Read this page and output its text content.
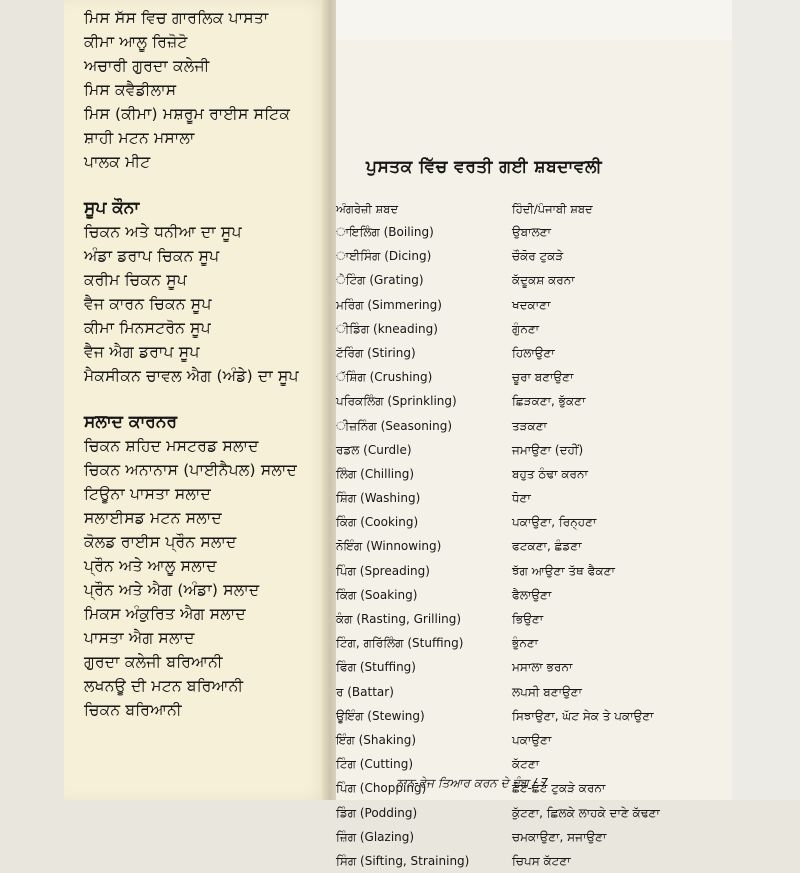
ਮਿਸ ਸੱਸ ਵਿਚ ਗਾਰਲਿਕ ਪਾਸਤਾ
ਕੀਮਾ ਆਲੂ ਰਿਜ਼ੋਟੋ
ਅਚਾਰੀ ਗੁਰਦਾ ਕਲੇਜੀ
ਮਿਸ ਕਵੈਡੀਲਾਸ
ਮਿਸ (ਕੀਮਾ) ਮਸ਼ਰੂਮ ਰਾਈਸ ਸਟਿਕ
ਸ਼ਾਹੀ ਮਟਨ ਮਸਾਲਾ
ਪਾਲਕ ਮੀਟ
ਸੂਪ ਕੌਨਾ
ਚਿਕਨ ਅਤੇ ਧਨੀਆ ਦਾ ਸੂਪ
ਅੰਡਾ ਡਰਾਪ ਚਿਕਨ ਸੂਪ
ਕਰੀਮ ਚਿਕਨ ਸੂਪ
ਵੈਜ ਕਾਰਨ ਚਿਕਨ ਸੂਪ
ਕੀਮਾ ਮਿਨਸਟਰੋਨ ਸੂਪ
ਵੈਜ ਐਗ ਡਰਾਪ ਸੂਪ
ਮੈਕਸੀਕਨ ਚਾਵਲ ਐਗ (ਅੰਡੇ) ਦਾ ਸੂਪ
ਸਲਾਦ ਕਾਰਨਰ
ਚਿਕਨ ਸ਼ਹਿਦ ਮਸਟਰਡ ਸਲਾਦ
ਚਿਕਨ ਅਨਾਨਾਸ (ਪਾਈਨੈਪਲ) ਸਲਾਦ
ਟਿਊਨਾ ਪਾਸਤਾ ਸਲਾਦ
ਸਲਾਈਸਡ ਮਟਨ ਸਲਾਦ
ਕੋਲਡ ਰਾਈਸ ਪ੍ਰੌਨ ਸਲਾਦ
ਪ੍ਰੌਨ ਅਤੇ ਆਲੂ ਸਲਾਦ
ਪ੍ਰੌਨ ਅਤੇ ਐਗ (ਅੰਡਾ) ਸਲਾਦ
ਮਿਕਸ ਅੰਕੁਰਿਤ ਐਗ ਸਲਾਦ
ਪਾਸਤਾ ਐਗ ਸਲਾਦ
ਗੁਰਦਾ ਕਲੇਜੀ ਬਰਿਆਨੀ
ਲਖਨਊ ਦੀ ਮਟਨ ਬਰਿਆਨੀ
ਚਿਕਨ ਬਰਿਆਨੀ
ਪੁਸਤਕ ਵਿੱਚ ਵਰਤੀ ਗਈ ਸ਼ਬਦਾਵਲੀ
ਅੰਗਰੇਜ਼ੀ ਸ਼ਬਦ	ਹਿੰਦੀ/ਪੰਜਾਬੀ ਸ਼ਬਦ
ਾਇਲਿੰਗ (Boiling)	ਉਬਾਲਣਾ
ਾਈਸਿੰਗ (Dicing)	ਚੌਕੋਰ ਟੁਕੜੇ
ੇਟਿੰਗ (Grating)	ਕੱਦੂਕਸ਼ ਕਰਨਾ
ਮਰਿੰਗ (Simmering)	ਖਦਕਾਣਾ
ੀਡਿੰਗ (kneading)	ਗੁੰਨਣਾ
ਟੱਰਿੰਗ (Stiring)	ਹਿਲਾਉਣਾ
ੱਸ਼ਿੰਗ (Crushing)	ਚੂਰਾ ਬਣਾਉਣਾ
ਪਰਿਕਲਿੰਗ (Sprinkling)	ਛਿੜਕਣਾ, ਭੁੱਕਣਾ
ੀਜ਼ਨਿੰਗ (Seasoning)	ਤੜਕਣਾ
ਰਡਲ (Curdle)	ਜਮਾਉਣਾ (ਦਹੀਂ)
ਲਿੰਗ (Chilling)	ਬਹੁਤ ਠੰਢਾ ਕਰਨਾ
ਸ਼ਿੰਗ (Washing)	ਧੋਣਾ
ਕਿੰਗ (Cooking)	ਪਕਾਉਣਾ, ਰਿਨ੍ਹਣਾ
ਨੋਇੰਗ (Winnowing)	ਫਟਕਣਾ, ਛੰਡਣਾ
ਪਿੰਗ (Spreading)	ਝੱਗ ਆਉਣਾ ਤੱਥ ਫੈਕਣਾ
ਕਿੰਗ (Soaking)	ਫੈਲਾਉਣਾ
ਕੰਗ (Rasting, Grilling)	ਭਿਉਣਾ
ਟਿੰਗ, ਗਰਿੱਲਿੰਗ (Stuffing)	ਭੁੰਨਣਾ
ਫਿੰਗ (Stuffing)	ਮਸਾਲਾ ਭਰਨਾ
ਰ (Battar)	ਲਪਸੀ ਬਣਾਉਣਾ
ਊਇੰਗ (Stewing)	ਸਿਝਾਉਣਾ, ਘੱਟ ਸੇਕ ਤੇ ਪਕਾਉਣਾ
ਇੰਗ (Shaking)	ਪਕਾਉਣਾ
ਟਿੰਗ (Cutting)	ਕੱਟਣਾ
ਪਿੰਗ (Chopping)	ਛੋਟੇ-ਛੋਟੇ ਟੁਕੜੇ ਕਰਨਾ
ਡਿੰਗ (Podding)	ਕੁੱਟਣਾ, ਛਿਲਕੇ ਲਾਹਕੇ ਦਾਣੇ ਕੱਢਣਾ
ਜ਼ਿੰਗ (Glazing)	ਚਮਕਾਉਣਾ, ਸਜਾਉਣਾ
ਸਿੰਗ (Sifting, Straining)	ਚਿਪਸ ਕੱਟਣਾ
ਨਾਨ-ਵੇਜ ਤਿਆਰ ਕਰਨ ਦੇ ਢੰਗ / 7
